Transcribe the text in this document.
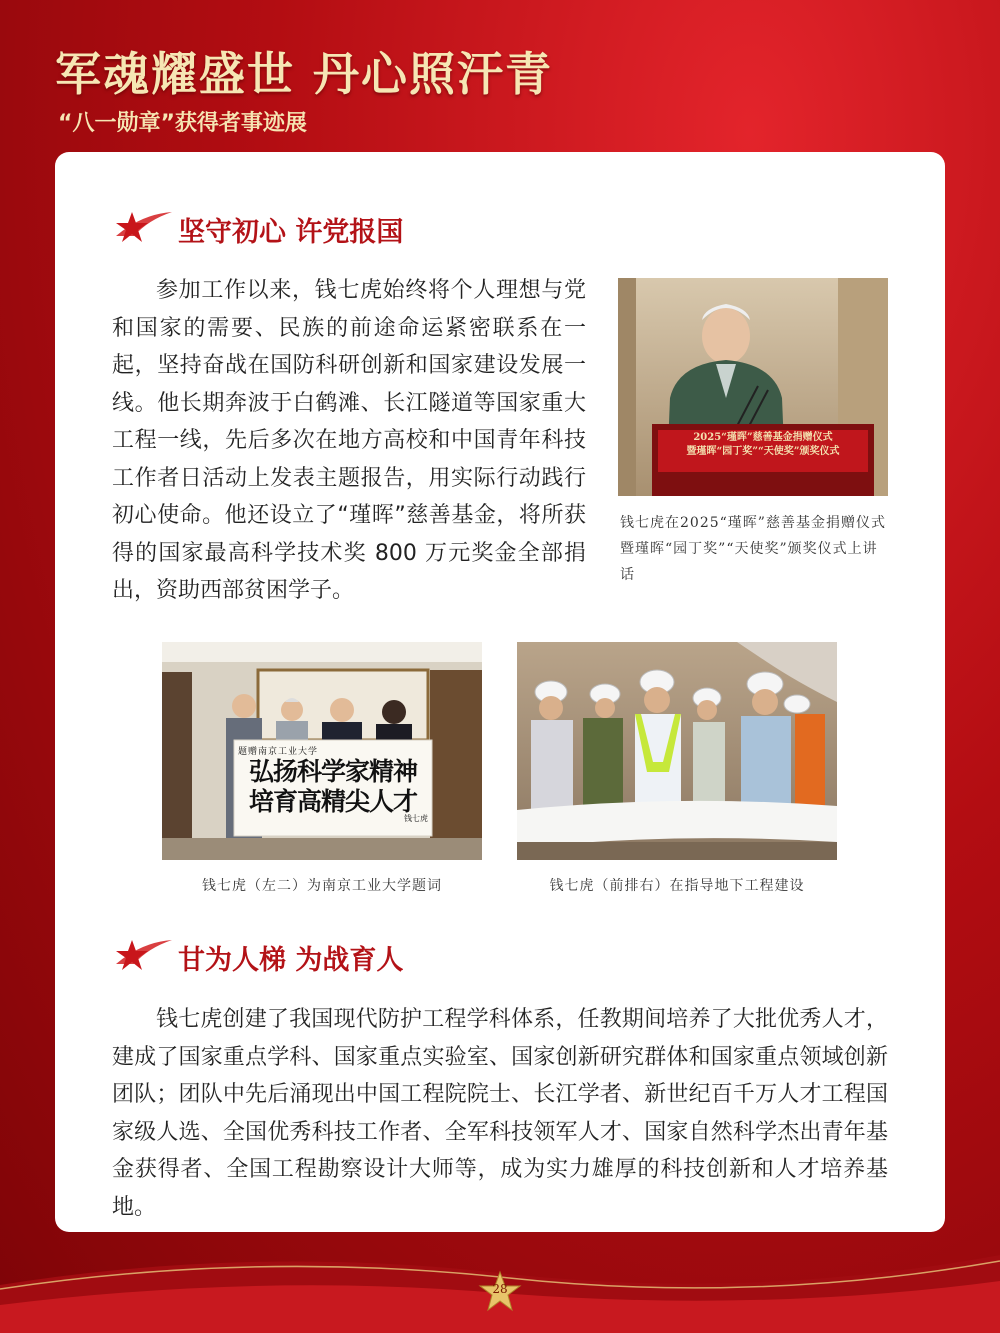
军魂耀盛世 丹心照汗青
“八一勋章”获得者事迹展
坚守初心 许党报国

参加工作以来，钱七虎始终将个人理想与党和国家的需要、民族的前途命运紧密联系在一起，坚持奋战在国防科研创新和国家建设发展一线。他长期奔波于白鹤滩、长江隧道等国家重大工程一线，先后多次在地方高校和中国青年科技工作者日活动上发表主题报告，用实际行动践行初心使命。他还设立了“瑾晖”慈善基金，将所获得的国家最高科学技术奖 800 万元奖金全部捐出，资助西部贫困学子。

2025“瑾晖”慈善基金捐赠仪式
暨瑾晖“园丁奖”“天使奖”颁奖仪式
钱七虎在2025“瑾晖”慈善基金捐赠仪式暨瑾晖“园丁奖”“天使奖”颁奖仪式上讲话
题赠南京工业大学
弘扬科学家精神
培育高精尖人才
钱七虎
钱七虎（左二）为南京工业大学题词	钱七虎（前排右）在指导地下工程建设
甘为人梯 为战育人

钱七虎创建了我国现代防护工程学科体系，任教期间培养了大批优秀人才，建成了国家重点学科、国家重点实验室、国家创新研究群体和国家重点领域创新团队；团队中先后涌现出中国工程院院士、长江学者、新世纪百千万人才工程国家级人选、全国优秀科技工作者、全军科技领军人才、国家自然科学杰出青年基金获得者、全国工程勘察设计大师等，成为实力雄厚的科技创新和人才培养基地。

28
